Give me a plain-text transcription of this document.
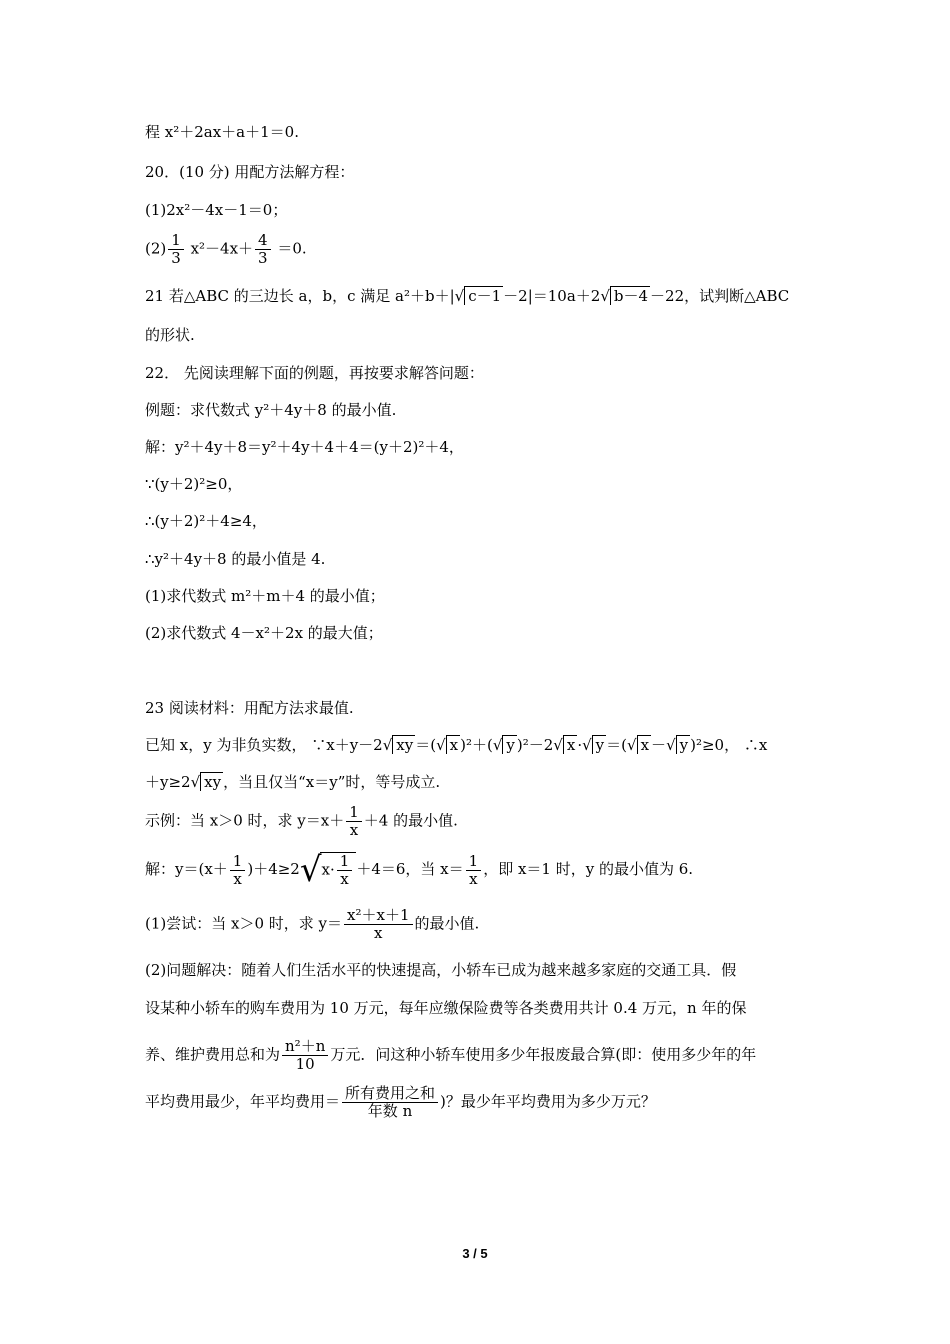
程 x²＋2ax＋a＋1＝0.
20．(10 分) 用配方法解方程：
(1)2x²－4x－1＝0；
$(2) \frac{1}{3} x^2-4x+ \frac{4}{3} =0$.
21 若△ABC 的三边长 a，b，c 满足 a²＋b＋|√ c－1 －2|＝10a＋2√ b－4 －22，试判断△ABC
的形状.
22． 先阅读理解下面的例题，再按要求解答问题：
例题：求代数式 y²＋4y＋8 的最小值.
解：y²＋4y＋8＝y²＋4y＋4＋4＝(y＋2)²＋4，
∵(y＋2)²≥0，
∴(y＋2)²＋4≥4，
∴y²＋4y＋8 的最小值是 4.
(1)求代数式 m²＋m＋4 的最小值；
(2)求代数式 4－x²＋2x 的最大值；
23 阅读材料：用配方法求最值.
已知 x，y 为非负实数， ∵x＋y－2√ xy ＝(√ x )²＋(√ y )²－2√ x ·√ y ＝(√ x －√ y )²≥0， ∴x
＋y≥2√ xy ，当且仅当“x＝y”时，等号成立.
示例：当 x＞0 时，求 $y=x+ \frac{1}{x} +4$ 的最小值.
解：$y=(x+ \frac{1}{x} )+4\ge 2√x\cdot \frac{1}{x} +4=6$，当 $x= \frac{1}{x}$ ，即 x＝1 时，y 的最小值为 6.
(1)尝试：当 x＞0 时，求 $y= \frac{\text{x²＋x＋1}}{x}$ 的最小值.
(2)问题解决：随着人们生活水平的快速提高，小轿车已成为越来越多家庭的交通工具．假
设某种小轿车的购车费用为 10 万元，每年应缴保险费等各类费用共计 0.4 万元，n 年的保
养、维护费用总和为 $\frac{\text{n²＋n}}{10}$ 万元．问这种小轿车使用多少年报废最合算(即：使用多少年的年
平均费用最少，年平均费用＝ $\frac{\text{所有费用之和}}{\text{年数 n}}$ )？最少年平均费用为多少万元？
3 / 5
